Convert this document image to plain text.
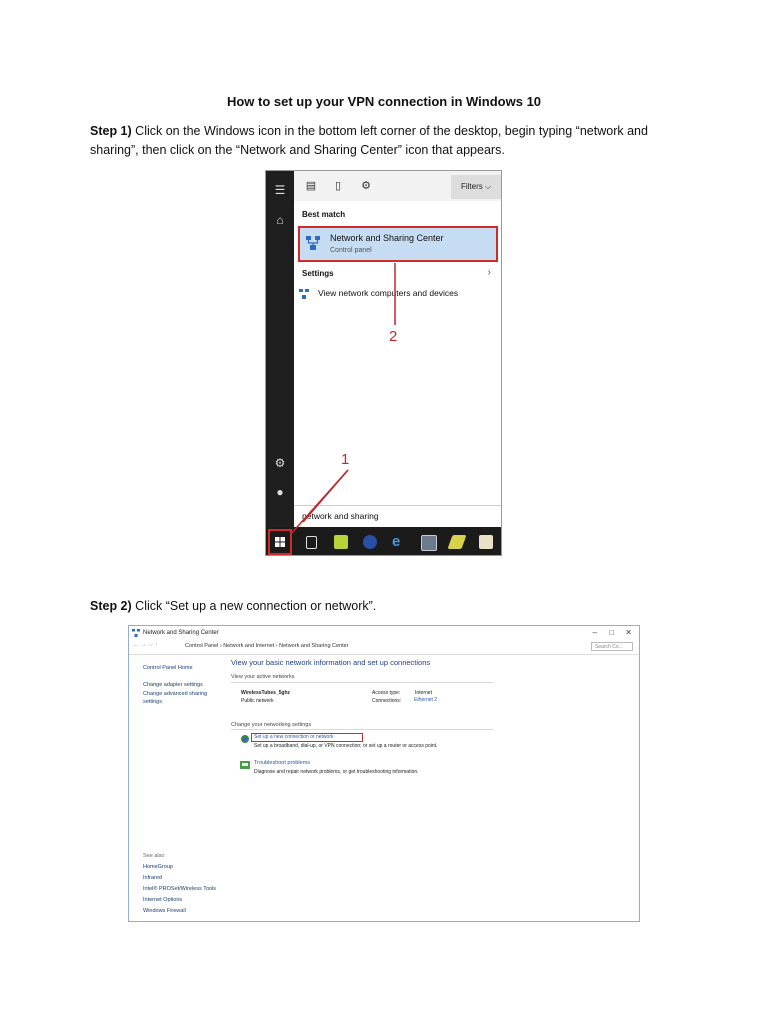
How to set up your VPN connection in Windows 10
Step 1) Click on the Windows icon in the bottom left corner of the desktop, begin typing “network and
sharing”, then click on the “Network and Sharing Center” icon that appears.
☰
⌂
⚙
●
▤	▯	⚙	Filters ⌵
Best match
Network and Sharing Center
Control panel
Settings	›
View network computers and devices
network and sharing
e
2
1
Step 2) Click “Set up a new connection or network”.
Network and Sharing Center	– □ ✕
← → ⌵ ↑	Control Panel › Network and Internet › Network and Sharing Center	Search Co...
Control Panel Home
Change adapter settings
Change advanced sharing
settings
View your basic network information and set up connections
View your active networks
WirelessTubes_5ghz
Public network
Access type:	Internet
Connections:	Ethernet 2
Change your networking settings
Set up a new connection or network
Set up a broadband, dial-up, or VPN connection; or set up a router or access point.
Troubleshoot problems
Diagnose and repair network problems, or get troubleshooting information.
See also
HomeGroup
Infrared
Intel® PROSet/Wireless Tools
Internet Options
Windows Firewall
